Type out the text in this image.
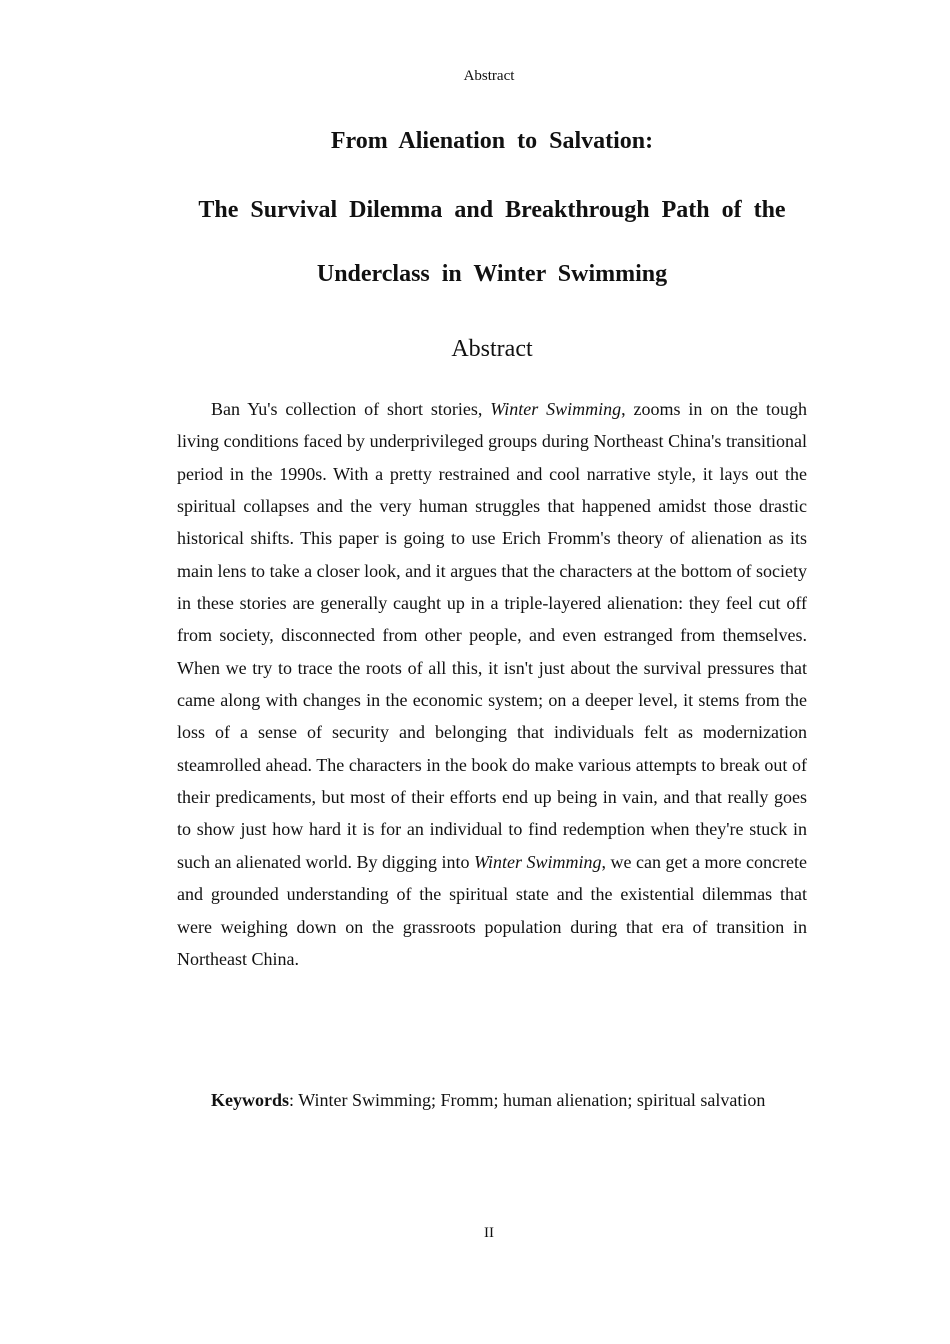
Abstract

From Alienation to Salvation:

The Survival Dilemma and Breakthrough Path of the

Underclass in Winter Swimming

Abstract

Ban Yu's collection of short stories, Winter Swimming, zooms in on the tough living conditions faced by underprivileged groups during Northeast China's transitional period in the 1990s. With a pretty restrained and cool narrative style, it lays out the spiritual collapses and the very human struggles that happened amidst those drastic historical shifts. This paper is going to use Erich Fromm's theory of alienation as its main lens to take a closer look, and it argues that the characters at the bottom of society in these stories are generally caught up in a triple-layered alienation: they feel cut off from society, disconnected from other people, and even estranged from themselves. When we try to trace the roots of all this, it isn't just about the survival pressures that came along with changes in the economic system; on a deeper level, it stems from the loss of a sense of security and belonging that individuals felt as modernization steamrolled ahead. The characters in the book do make various attempts to break out of their predicaments, but most of their efforts end up being in vain, and that really goes to show just how hard it is for an individual to find redemption when they're stuck in such an alienated world. By digging into Winter Swimming, we can get a more concrete and grounded understanding of the spiritual state and the existential dilemmas that were weighing down on the grassroots population during that era of transition in Northeast China.

Keywords: Winter Swimming; Fromm; human alienation; spiritual salvation

II
